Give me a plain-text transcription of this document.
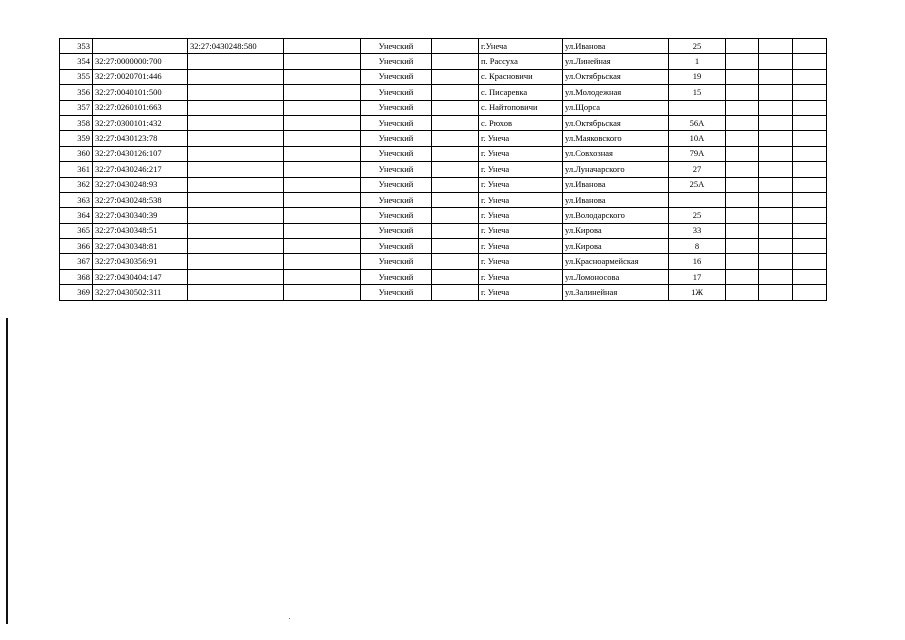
353		32:27:0430248:580		Унечский		г.Унеча	ул.Иванова	25			
354	32:27:0000000:700			Унечский		п. Рассуха	ул.Линейная	1			
355	32:27:0020701:446			Унечский		с. Красновичи	ул.Октябрьская	19			
356	32:27:0040101:500			Унечский		с. Писаревка	ул.Молодежная	15			
357	32:27:0260101:663			Унечский		с. Найтоповичи	ул.Щорса				
358	32:27:0300101:432			Унечский		с. Рюхов	ул.Октябрьская	56А			
359	32:27:0430123:78			Унечский		г. Унеча	ул.Маяковского	10А			
360	32:27:0430126:107			Унечский		г. Унеча	ул.Совхозная	79А			
361	32:27:0430246:217			Унечский		г. Унеча	ул.Луначарского	27			
362	32:27:0430248:93			Унечский		г. Унеча	ул.Иванова	25А			
363	32:27:0430248:538			Унечский		г. Унеча	ул.Иванова				
364	32:27:0430340:39			Унечский		г. Унеча	ул.Володарского	25			
365	32:27:0430348:51			Унечский		г. Унеча	ул.Кирова	33			
366	32:27:0430348:81			Унечский		г. Унеча	ул.Кирова	8			
367	32:27:0430356:91			Унечский		г. Унеча	ул.Красноармейская	16			
368	32:27:0430404:147			Унечский		г. Унеча	ул.Ломоносова	17			
369	32:27:0430502:311			Унечский		г. Унеча	ул.Залинейная	1Ж			
